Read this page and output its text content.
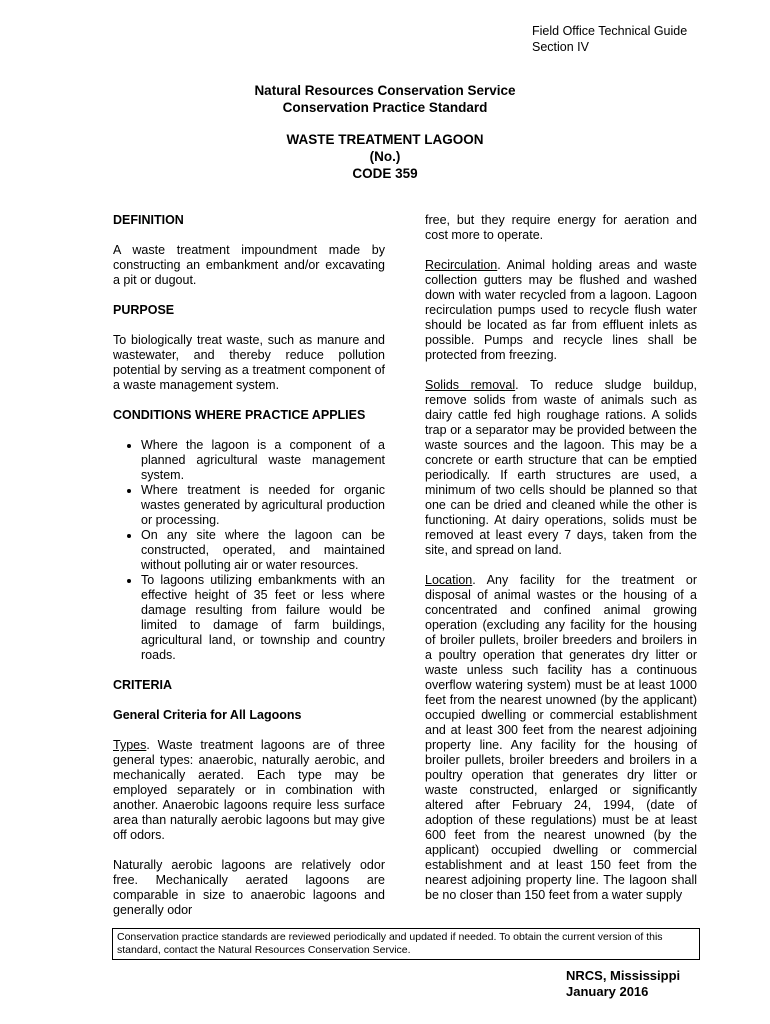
Field Office Technical Guide
Section IV
Natural Resources Conservation Service
Conservation Practice Standard
WASTE TREATMENT LAGOON
(No.)
CODE 359
DEFINITION

A waste treatment impoundment made by constructing an embankment and/or excavating a pit or dugout.

PURPOSE

To biologically treat waste, such as manure and wastewater, and thereby reduce pollution potential by serving as a treatment component of a waste management system.

CONDITIONS WHERE PRACTICE APPLIES
• Where the lagoon is a component of a planned agricultural waste management system.
• Where treatment is needed for organic wastes generated by agricultural production or processing.
• On any site where the lagoon can be constructed, operated, and maintained without polluting air or water resources.
• To lagoons utilizing embankments with an effective height of 35 feet or less where damage resulting from failure would be limited to damage of farm buildings, agricultural land, or township and country roads.
CRITERIA
General Criteria for All Lagoons

Types. Waste treatment lagoons are of three general types: anaerobic, naturally aerobic, and mechanically aerated. Each type may be employed separately or in combination with another. Anaerobic lagoons require less surface area than naturally aerobic lagoons but may give off odors.

Naturally aerobic lagoons are relatively odor free. Mechanically aerated lagoons are comparable in size to anaerobic lagoons and generally odor

free, but they require energy for aeration and cost more to operate.

Recirculation. Animal holding areas and waste collection gutters may be flushed and washed down with water recycled from a lagoon. Lagoon recirculation pumps used to recycle flush water should be located as far from effluent inlets as possible. Pumps and recycle lines shall be protected from freezing.

Solids removal. To reduce sludge buildup, remove solids from waste of animals such as dairy cattle fed high roughage rations. A solids trap or a separator may be provided between the waste sources and the lagoon. This may be a concrete or earth structure that can be emptied periodically. If earth structures are used, a minimum of two cells should be planned so that one can be dried and cleaned while the other is functioning. At dairy operations, solids must be removed at least every 7 days, taken from the site, and spread on land.

Location. Any facility for the treatment or disposal of animal wastes or the housing of a concentrated and confined animal growing operation (excluding any facility for the housing of broiler pullets, broiler breeders and broilers in a poultry operation that generates dry litter or waste unless such facility has a continuous overflow watering system) must be at least 1000 feet from the nearest unowned (by the applicant) occupied dwelling or commercial establishment and at least 300 feet from the nearest adjoining property line. Any facility for the housing of broiler pullets, broiler breeders and broilers in a poultry operation that generates dry litter or waste constructed, enlarged or significantly altered after February 24, 1994, (date of adoption of these regulations) must be at least 600 feet from the nearest unowned (by the applicant) occupied dwelling or commercial establishment and at least 150 feet from the nearest adjoining property line. The lagoon shall be no closer than 150 feet from a water supply

Conservation practice standards are reviewed periodically and updated if needed. To obtain the current version of this standard, contact the Natural Resources Conservation Service.
NRCS, Mississippi
January 2016
